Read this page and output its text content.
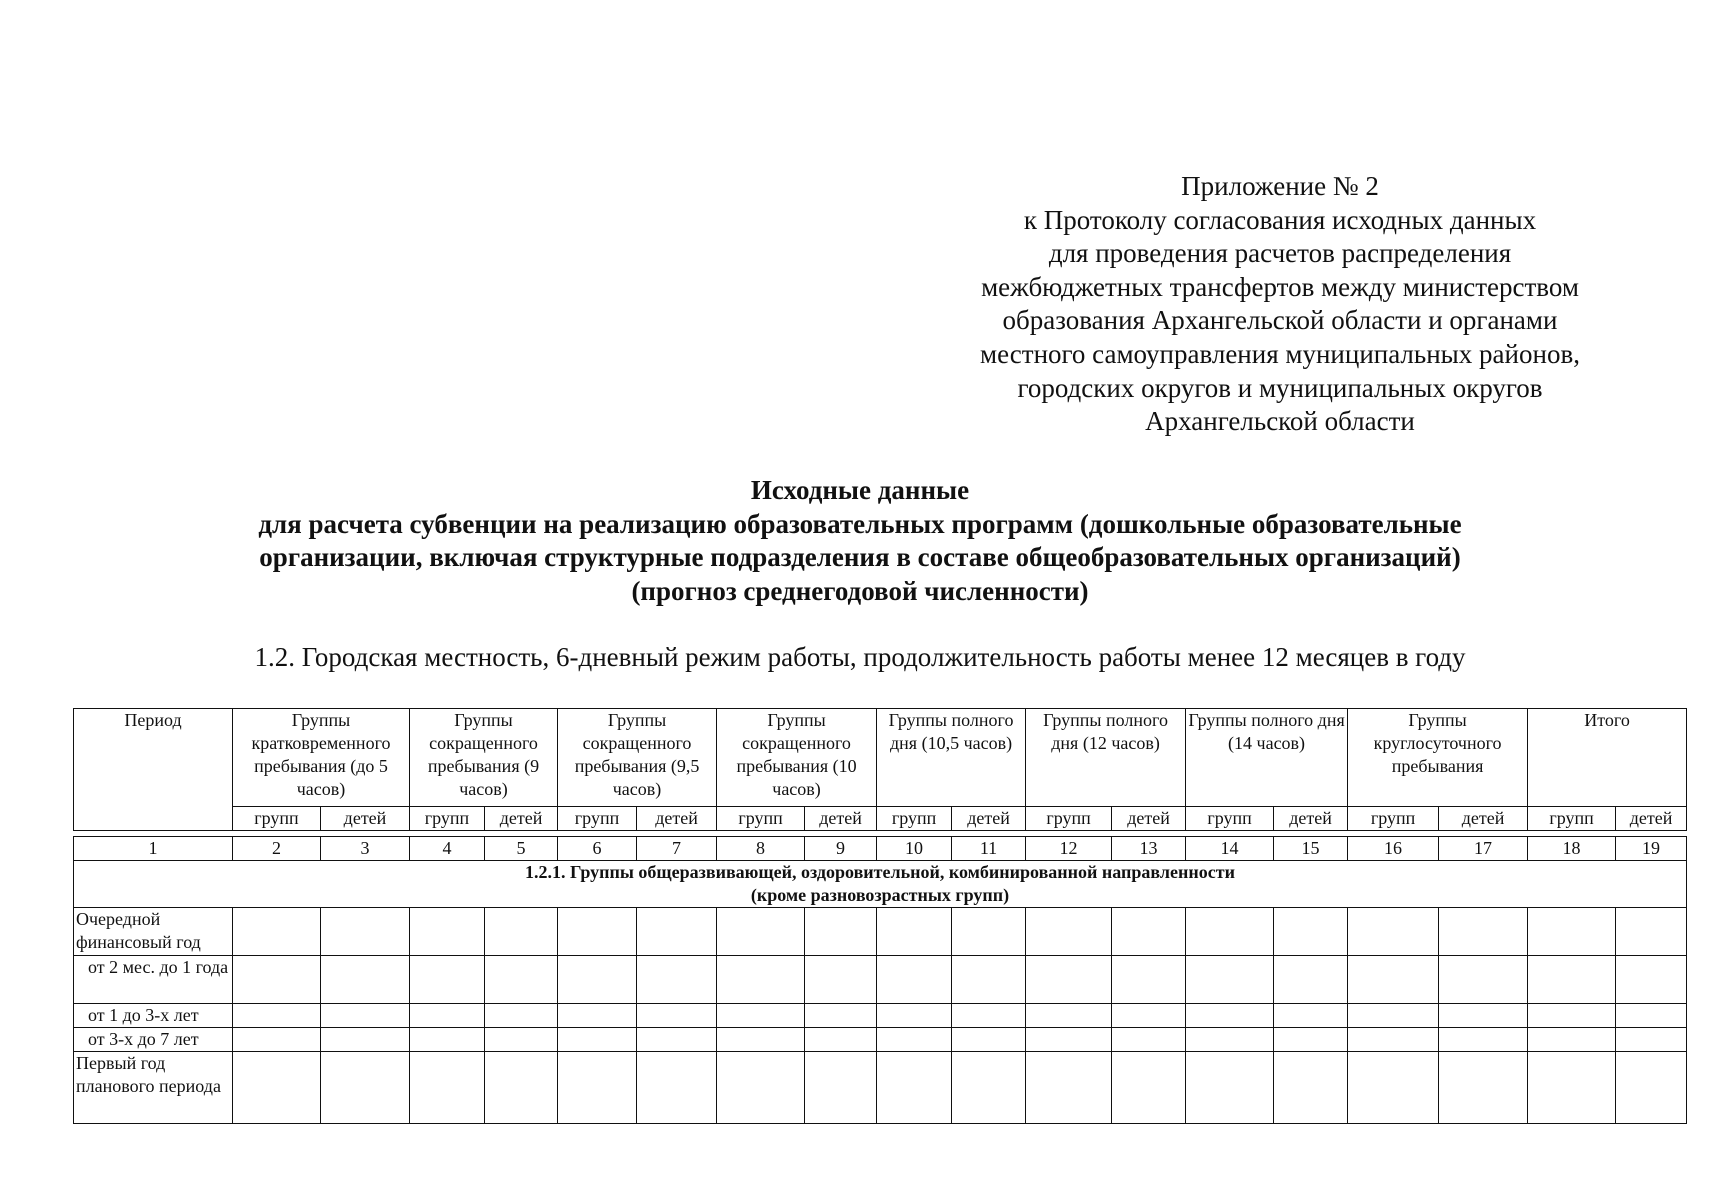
Приложение № 2
к Протоколу согласования исходных данных
для проведения расчетов распределения
межбюджетных трансфертов между министерством
образования Архангельской области и органами
местного самоуправления муниципальных районов,
городских округов и муниципальных округов
Архангельской области
Исходные данные
для расчета субвенции на реализацию образовательных программ (дошкольные образовательные
организации, включая структурные подразделения в составе общеобразовательных организаций)
(прогноз среднегодовой численности)
1.2. Городская местность, 6-дневный режим работы, продолжительность работы менее 12 месяцев в году
Период	Группы кратковременного пребывания (до 5 часов)		Группы сокращенного пребывания (9 часов)		Группы сокращенного пребывания (9,5 часов)		Группы сокращенного пребывания (10 часов)		Группы полного дня (10,5 часов)		Группы полного дня (12 часов)		Группы полного дня (14 часов)		Группы круглосуточного пребывания		Итого	
	групп	детей	групп	детей	групп	детей	групп	детей	групп	детей	групп	детей	групп	детей	групп	детей	групп	детей
1	2	3	4	5	6	7	8	9	10	11	12	13	14	15	16	17	18	19

1.2.1. Группы общеразвивающей, оздоровительной, комбинированной направленности
(кроме разновозрастных групп)																		

Очередной финансовый год																		
от 2 мес. до 1 года																		
от 1 до 3-х лет																		
от 3-х до 7 лет																		
Первый год планового периода																		
